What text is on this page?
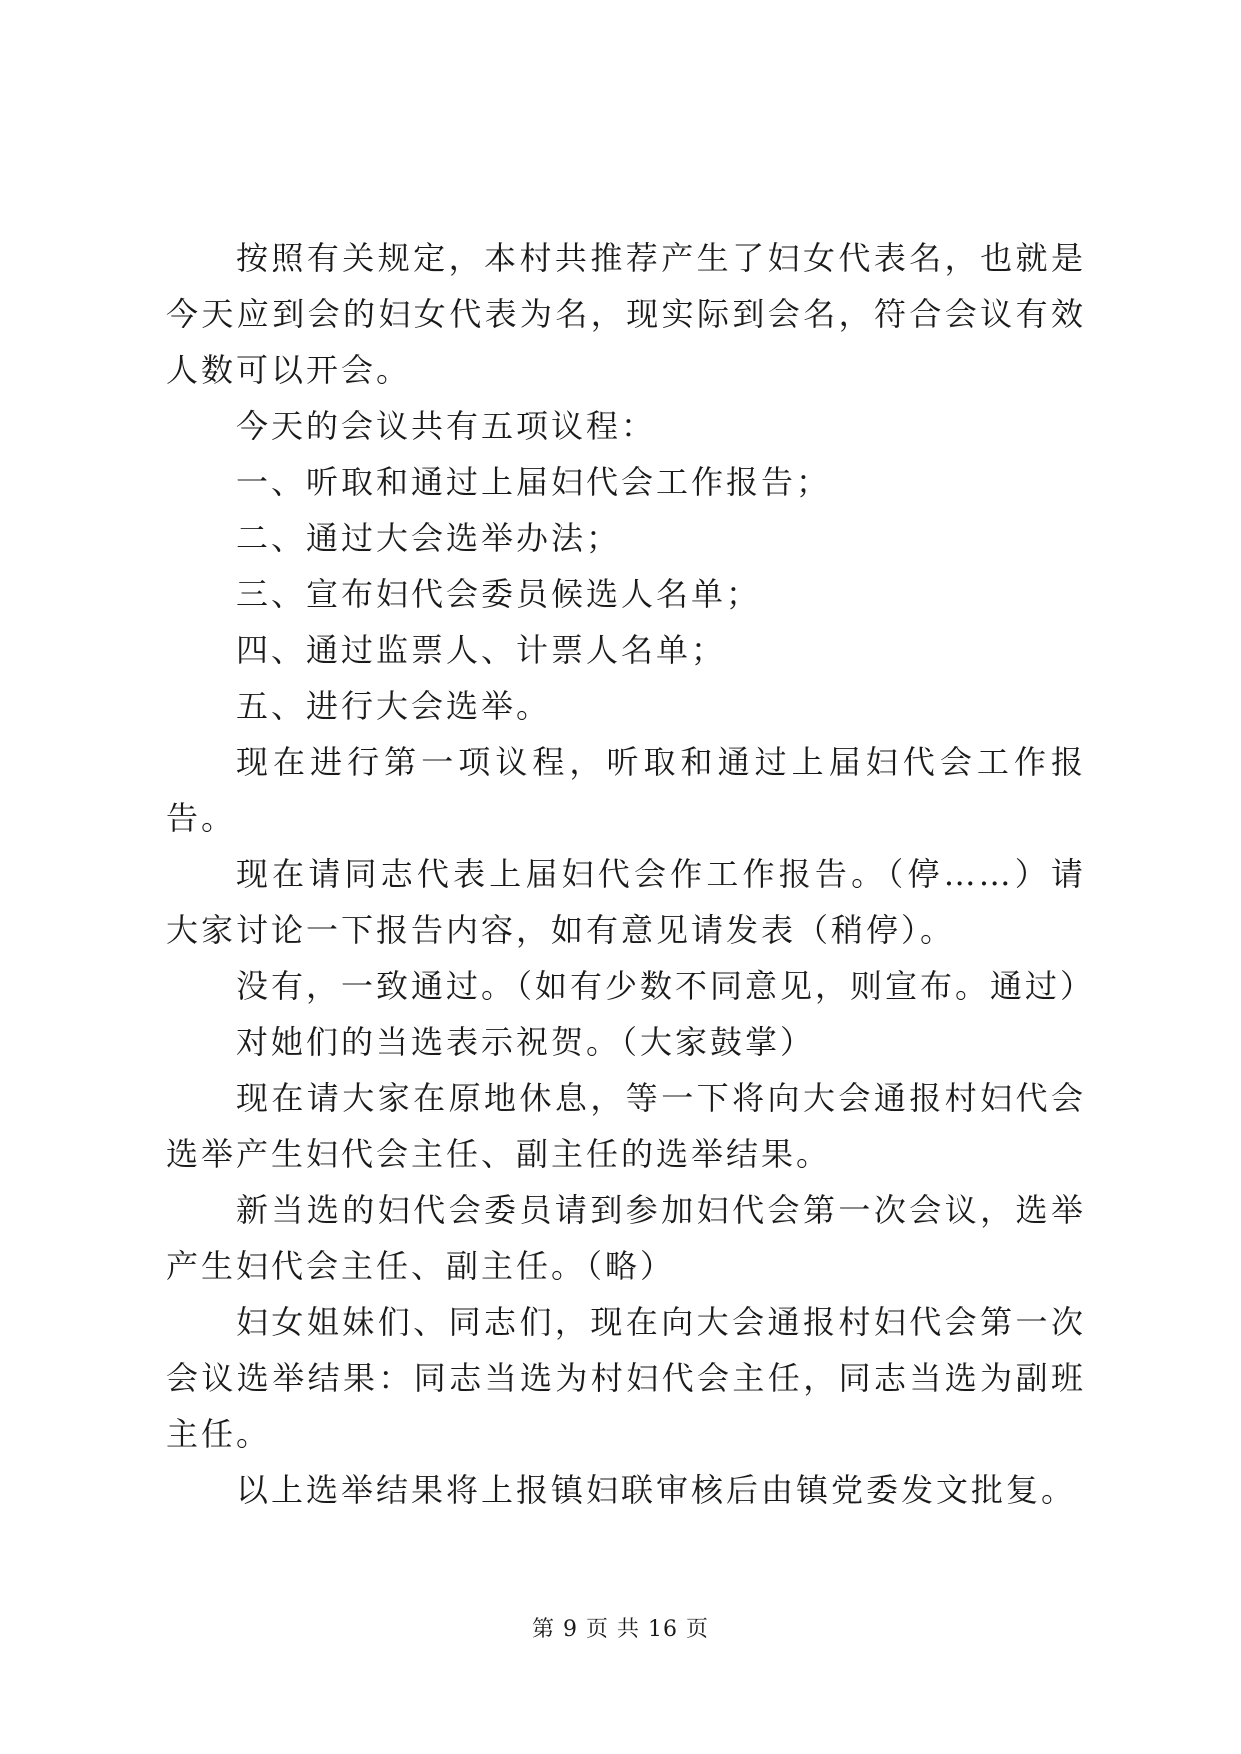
按照有关规定，本村共推荐产生了妇女代表名，也就是今天应到会的妇女代表为名，现实际到会名，符合会议有效人数可以开会。

今天的会议共有五项议程：

一、听取和通过上届妇代会工作报告；

二、通过大会选举办法；

三、宣布妇代会委员候选人名单；

四、通过监票人、计票人名单；

五、进行大会选举。

现在进行第一项议程，听取和通过上届妇代会工作报告。

现在请同志代表上届妇代会作工作报告。（停……）请大家讨论一下报告内容，如有意见请发表（稍停）。

没有，一致通过。（如有少数不同意见，则宣布。通过）

对她们的当选表示祝贺。（大家鼓掌）

现在请大家在原地休息，等一下将向大会通报村妇代会选举产生妇代会主任、副主任的选举结果。

新当选的妇代会委员请到参加妇代会第一次会议，选举产生妇代会主任、副主任。（略）

妇女姐妹们、同志们，现在向大会通报村妇代会第一次会议选举结果：同志当选为村妇代会主任，同志当选为副班主任。

以上选举结果将上报镇妇联审核后由镇党委发文批复。

第 9 页 共 16 页
